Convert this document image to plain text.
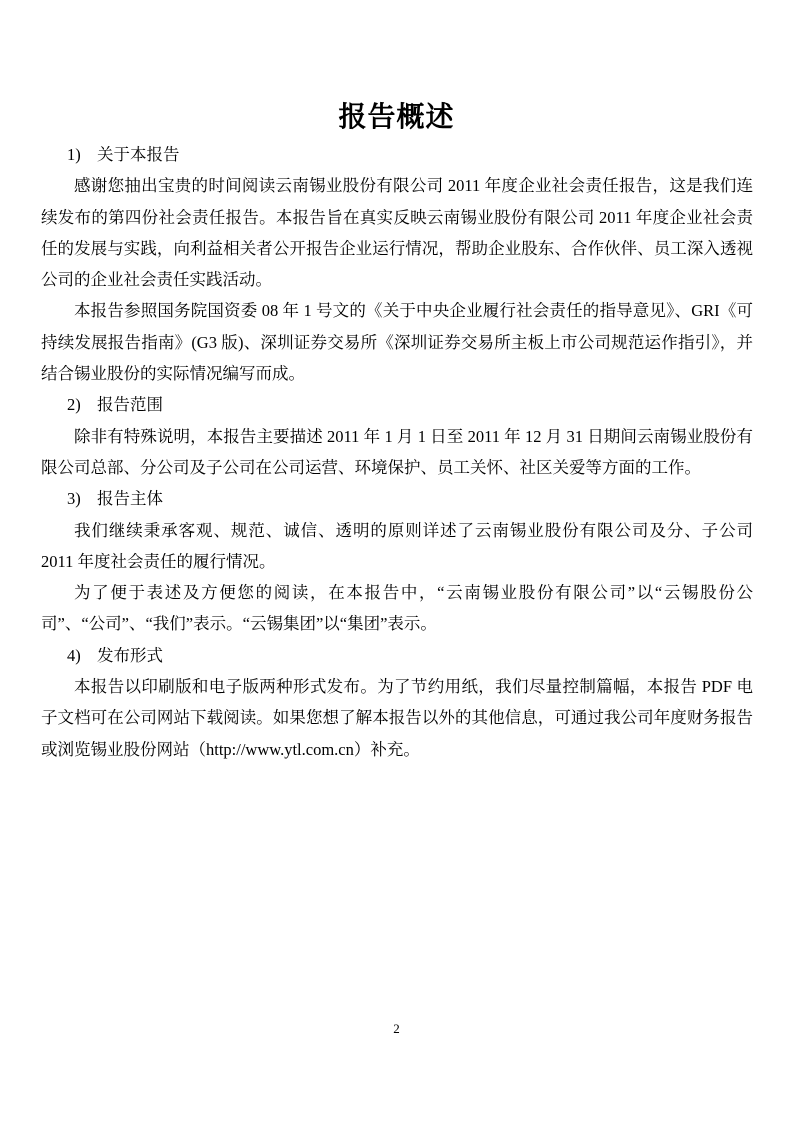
报告概述

1) 关于本报告

感谢您抽出宝贵的时间阅读云南锡业股份有限公司 2011 年度企业社会责任报告，这是我们连续发布的第四份社会责任报告。本报告旨在真实反映云南锡业股份有限公司 2011 年度企业社会责任的发展与实践，向利益相关者公开报告企业运行情况，帮助企业股东、合作伙伴、员工深入透视公司的企业社会责任实践活动。

本报告参照国务院国资委 08 年 1 号文的《关于中央企业履行社会责任的指导意见》、GRI《可持续发展报告指南》(G3 版)、深圳证券交易所《深圳证券交易所主板上市公司规范运作指引》，并结合锡业股份的实际情况编写而成。

2) 报告范围

除非有特殊说明，本报告主要描述 2011 年 1 月 1 日至 2011 年 12 月 31 日期间云南锡业股份有限公司总部、分公司及子公司在公司运营、环境保护、员工关怀、社区关爱等方面的工作。

3) 报告主体

我们继续秉承客观、规范、诚信、透明的原则详述了云南锡业股份有限公司及分、子公司 2011 年度社会责任的履行情况。

为了便于表述及方便您的阅读，在本报告中，“云南锡业股份有限公司”以“云锡股份公司”、“公司”、“我们”表示。“云锡集团”以“集团”表示。

4) 发布形式

本报告以印刷版和电子版两种形式发布。为了节约用纸，我们尽量控制篇幅，本报告 PDF 电子文档可在公司网站下载阅读。如果您想了解本报告以外的其他信息，可通过我公司年度财务报告或浏览锡业股份网站（http://www.ytl.com.cn）补充。

2
